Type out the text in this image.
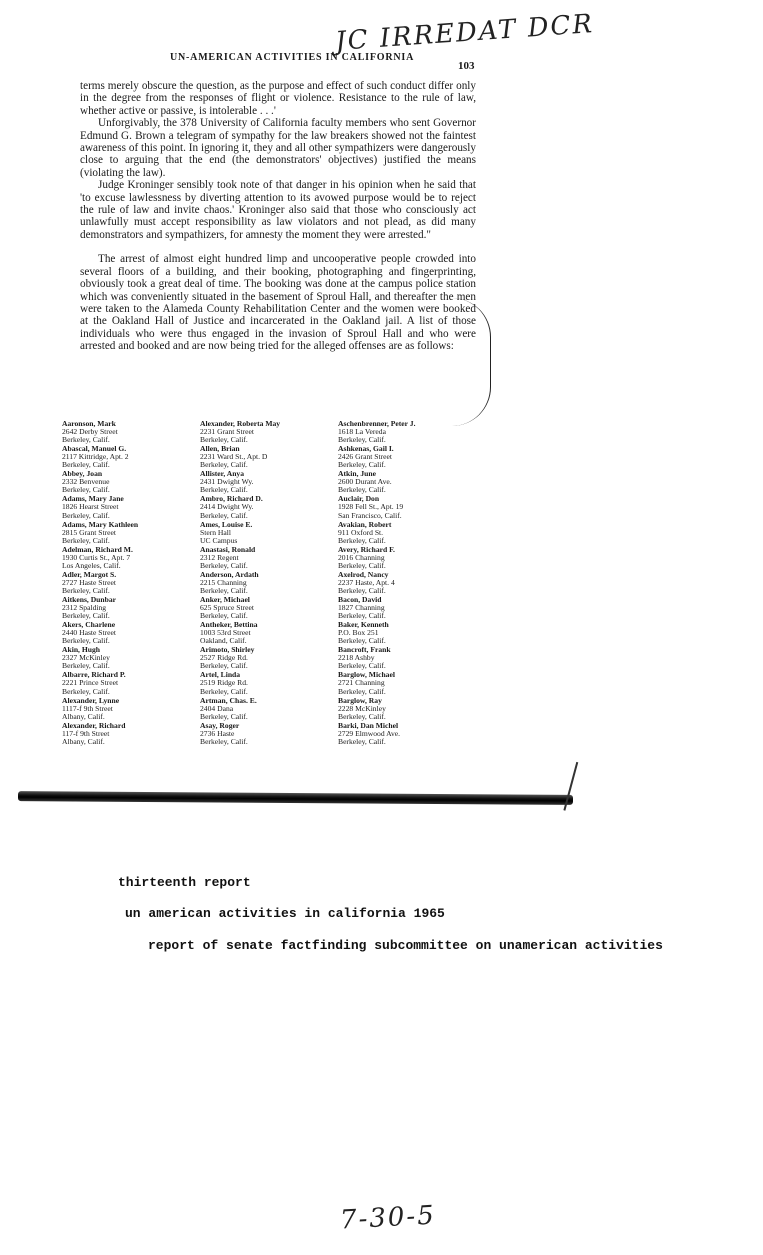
JC IRREDAT DCR
UN-AMERICAN ACTIVITIES IN CALIFORNIA
103

terms merely obscure the question, as the purpose and effect of such conduct differ only in the degree from the responses of flight or violence. Resistance to the rule of law, whether active or passive, is intolerable . . .'

Unforgivably, the 378 University of California faculty members who sent Governor Edmund G. Brown a telegram of sympathy for the law breakers showed not the faintest awareness of this point. In ignoring it, they and all other sympathizers were dangerously close to arguing that the end (the demonstrators' objectives) justified the means (violating the law).

Judge Kroninger sensibly took note of that danger in his opinion when he said that 'to excuse lawlessness by diverting attention to its avowed purpose would be to reject the rule of law and invite chaos.' Kroninger also said that those who consciously act unlawfully must accept responsibility as law violators and not plead, as did many demonstrators and sympathizers, for amnesty the moment they were arrested."

The arrest of almost eight hundred limp and uncooperative people crowded into several floors of a building, and their booking, photographing and fingerprinting, obviously took a great deal of time. The booking was done at the campus police station which was conveniently situated in the basement of Sproul Hall, and thereafter the men were taken to the Alameda County Rehabilitation Center and the women were booked at the Oakland Hall of Justice and incarcerated in the Oakland jail. A list of those individuals who were thus engaged in the invasion of Sproul Hall and who were arrested and booked and are now being tried for the alleged offenses are as follows:

Aaronson, Mark
2642 Derby Street
Berkeley, Calif.
Abascal, Manuel G.
2117 Kittridge, Apt. 2
Berkeley, Calif.
Abbey, Joan
2332 Benvenue
Berkeley, Calif.
Adams, Mary Jane
1826 Hearst Street
Berkeley, Calif.
Adams, Mary Kathleen
2815 Grant Street
Berkeley, Calif.
Adelman, Richard M.
1930 Curtis St., Apt. 7
Los Angeles, Calif.
Adler, Margot S.
2727 Haste Street
Berkeley, Calif.
Aitkens, Dunbar
2312 Spalding
Berkeley, Calif.
Akers, Charlene
2440 Haste Street
Berkeley, Calif.
Akin, Hugh
2327 McKinley
Berkeley, Calif.
Albarre, Richard P.
2221 Prince Street
Berkeley, Calif.
Alexander, Lynne
1117-f 9th Street
Albany, Calif.
Alexander, Richard
117-f 9th Street
Albany, Calif.
Alexander, Roberta May
2231 Grant Street
Berkeley, Calif.
Allen, Brian
2231 Ward St., Apt. D
Berkeley, Calif.
Allister, Anya
2431 Dwight Wy.
Berkeley, Calif.
Ambro, Richard D.
2414 Dwight Wy.
Berkeley, Calif.
Ames, Louise E.
Stern Hall
UC Campus
Anastasi, Ronald
2312 Regent
Berkeley, Calif.
Anderson, Ardath
2215 Channing
Berkeley, Calif.
Anker, Michael
625 Spruce Street
Berkeley, Calif.
Antheker, Bettina
1003 53rd Street
Oakland, Calif.
Arimoto, Shirley
2527 Ridge Rd.
Berkeley, Calif.
Artel, Linda
2519 Ridge Rd.
Berkeley, Calif.
Artman, Chas. E.
2404 Dana
Berkeley, Calif.
Asay, Roger
2736 Haste
Berkeley, Calif.
Aschenbrenner, Peter J.
1618 La Vereda
Berkeley, Calif.
Ashkenas, Gail I.
2426 Grant Street
Berkeley, Calif.
Atkin, June
2600 Durant Ave.
Berkeley, Calif.
Auclair, Don
1928 Fell St., Apt. 19
San Francisco, Calif.
Avakian, Robert
911 Oxford St.
Berkeley, Calif.
Avery, Richard F.
2016 Channing
Berkeley, Calif.
Axelrod, Nancy
2237 Haste, Apt. 4
Berkeley, Calif.
Bacon, David
1827 Channing
Berkeley, Calif.
Baker, Kenneth
P.O. Box 251
Berkeley, Calif.
Bancroft, Frank
2218 Ashby
Berkeley, Calif.
Barglow, Michael
2721 Channing
Berkeley, Calif.
Barglow, Ray
2228 McKinley
Berkeley, Calif.
Barki, Dan Michel
2729 Elmwood Ave.
Berkeley, Calif.
thirteenth report
un american activities in california 1965
report of senate factfinding subcommittee on unamerican activities
7-30-5
